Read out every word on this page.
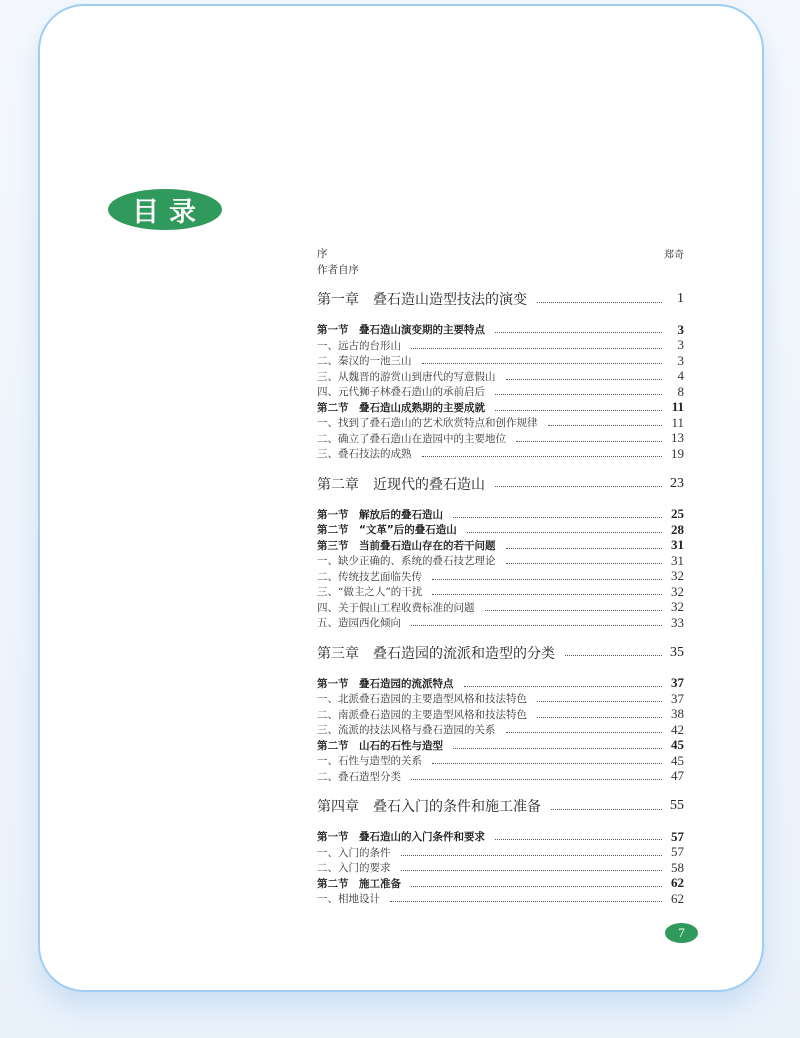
目录
序	郑奇
作者自序
第一章　叠石造山造型技法的演变	1
第一节　叠石造山演变期的主要特点	3
一、远古的台形山	3
二、秦汉的一池三山	3
三、从魏晋的游赏山到唐代的写意假山	4
四、元代狮子林叠石造山的承前启后	8
第二节　叠石造山成熟期的主要成就	11
一、找到了叠石造山的艺术欣赏特点和创作规律	11
二、确立了叠石造山在造园中的主要地位	13
三、叠石技法的成熟	19
第二章　近现代的叠石造山	23
第一节　解放后的叠石造山	25
第二节　“文革”后的叠石造山	28
第三节　当前叠石造山存在的若干问题	31
一、缺少正确的、系统的叠石技艺理论	31
二、传统技艺面临失传	32
三、“做主之人”的干扰	32
四、关于假山工程收费标准的问题	32
五、造园西化倾向	33
第三章　叠石造园的流派和造型的分类	35
第一节　叠石造园的流派特点	37
一、北派叠石造园的主要造型风格和技法特色	37
二、南派叠石造园的主要造型风格和技法特色	38
三、流派的技法风格与叠石造园的关系	42
第二节　山石的石性与造型	45
一、石性与造型的关系	45
二、叠石造型分类	47
第四章　叠石入门的条件和施工准备	55
第一节　叠石造山的入门条件和要求	57
一、入门的条件	57
二、入门的要求	58
第二节　施工准备	62
一、相地设计	62
7
